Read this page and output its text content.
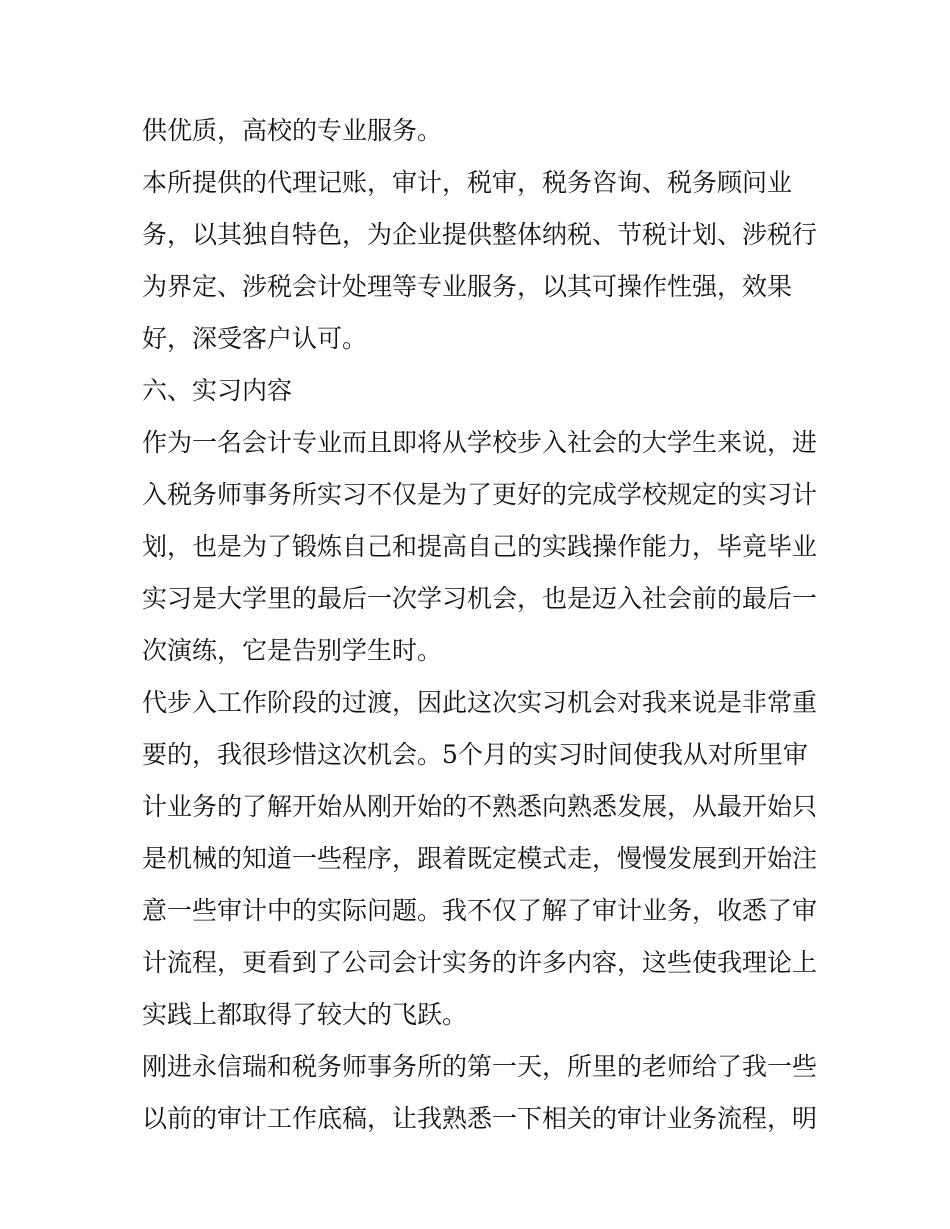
供优质，高校的专业服务。
本所提供的代理记账，审计，税审，税务咨询、税务顾问业
务，以其独自特色，为企业提供整体纳税、节税计划、涉税行
为界定、涉税会计处理等专业服务，以其可操作性强，效果
好，深受客户认可。
六、实习内容
作为一名会计专业而且即将从学校步入社会的大学生来说，进
入税务师事务所实习不仅是为了更好的完成学校规定的实习计
划，也是为了锻炼自己和提高自己的实践操作能力，毕竟毕业
实习是大学里的最后一次学习机会，也是迈入社会前的最后一
次演练，它是告别学生时。
代步入工作阶段的过渡，因此这次实习机会对我来说是非常重
要的，我很珍惜这次机会。5个月的实习时间使我从对所里审
计业务的了解开始从刚开始的不熟悉向熟悉发展，从最开始只
是机械的知道一些程序，跟着既定模式走，慢慢发展到开始注
意一些审计中的实际问题。我不仅了解了审计业务，收悉了审
计流程，更看到了公司会计实务的许多内容，这些使我理论上
实践上都取得了较大的飞跃。
刚进永信瑞和税务师事务所的第一天，所里的老师给了我一些
以前的审计工作底稿，让我熟悉一下相关的审计业务流程，明
